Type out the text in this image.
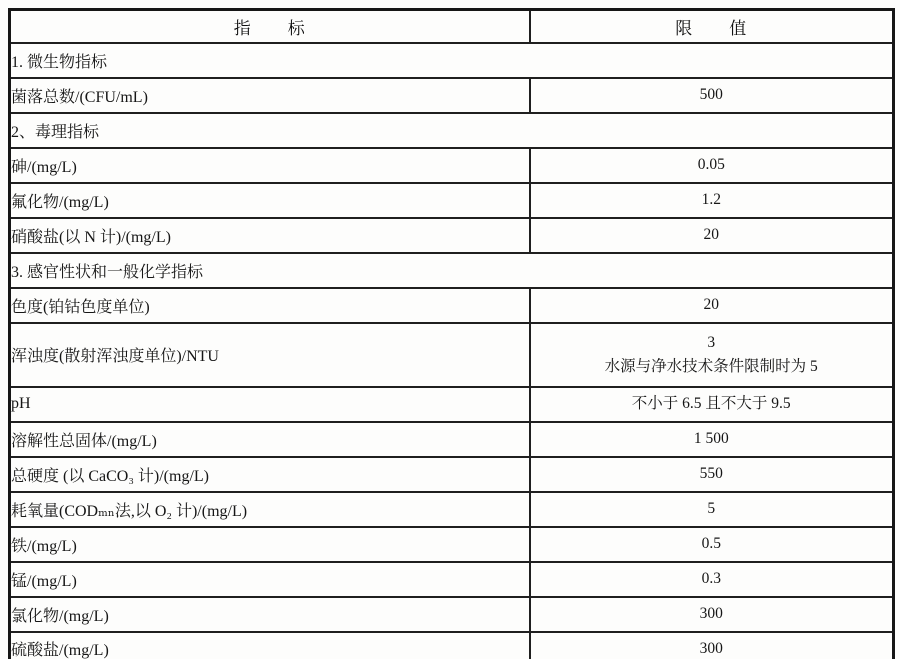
指　　标	限　　值
1. 微生物指标	
菌落总数/(CFU/mL)	500
2、毒理指标	
砷/(mg/L)	0.05
氟化物/(mg/L)	1.2
硝酸盐(以 N 计)/(mg/L)	20
3. 感官性状和一般化学指标	
色度(铂钴色度单位)	20
浑浊度(散射浑浊度单位)/NTU	3
水源与净水技术条件限制时为 5

pH	不小于 6.5 且不大于 9.5
溶解性总固体/(mg/L)	1 500
总硬度 (以 CaCO₃ 计)/(mg/L)	550
耗氧量(CODₘₙ法,以 O₂ 计)/(mg/L)	5
铁/(mg/L)	0.5
锰/(mg/L)	0.3
氯化物/(mg/L)	300
硫酸盐/(mg/L)	300
